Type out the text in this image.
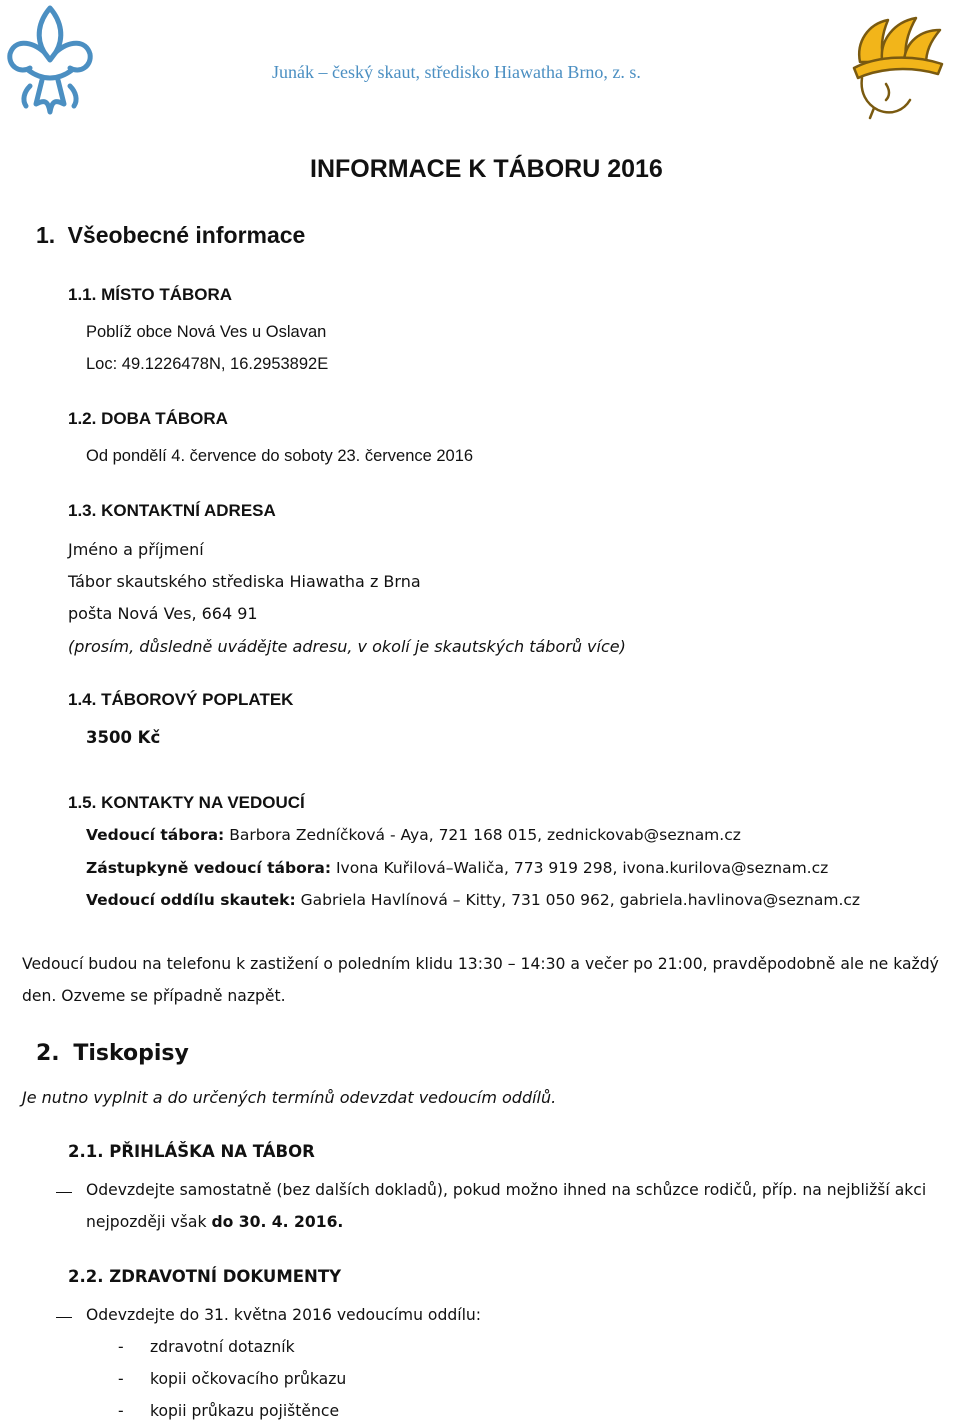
Junák – český skaut, středisko Hiawatha Brno, z. s.
INFORMACE K TÁBORU 2016
1. Všeobecné informace
1.1. MÍSTO TÁBORA
Poblíž obce Nová Ves u Oslavan
Loc: 49.1226478N, 16.2953892E
1.2. DOBA TÁBORA
Od pondělí 4. července do soboty 23. července 2016
1.3. KONTAKTNÍ ADRESA
Jméno a příjmení
Tábor skautského střediska Hiawatha z Brna
pošta Nová Ves, 664 91
(prosím, důsledně uvádějte adresu, v okolí je skautských táborů více)
1.4. TÁBOROVÝ POPLATEK
3500 Kč
1.5. KONTAKTY NA VEDOUCÍ
Vedoucí tábora: Barbora Zedníčková - Aya, 721 168 015, zednickovab@seznam.cz
Zástupkyně vedoucí tábora: Ivona Kuřilová–Waliča, 773 919 298, ivona.kurilova@seznam.cz
Vedoucí oddílu skautek: Gabriela Havlínová – Kitty, 731 050 962, gabriela.havlinova@seznam.cz
Vedoucí budou na telefonu k zastižení o poledním klidu 13:30 – 14:30 a večer po 21:00, pravděpodobně ale ne každý
den. Ozveme se případně nazpět.
2. Tiskopisy
Je nutno vyplnit a do určených termínů odevzdat vedoucím oddílů.
2.1. PŘIHLÁŠKA NA TÁBOR
Odevzdejte samostatně (bez dalších dokladů), pokud možno ihned na schůzce rodičů, příp. na nejbližší akci
nejpozději však do 30. 4. 2016.
2.2. ZDRAVOTNÍ DOKUMENTY
Odevzdejte do 31. května 2016 vedoucímu oddílu:
- zdravotní dotazník
- kopii očkovacího průkazu
- kopii průkazu pojištěnce
